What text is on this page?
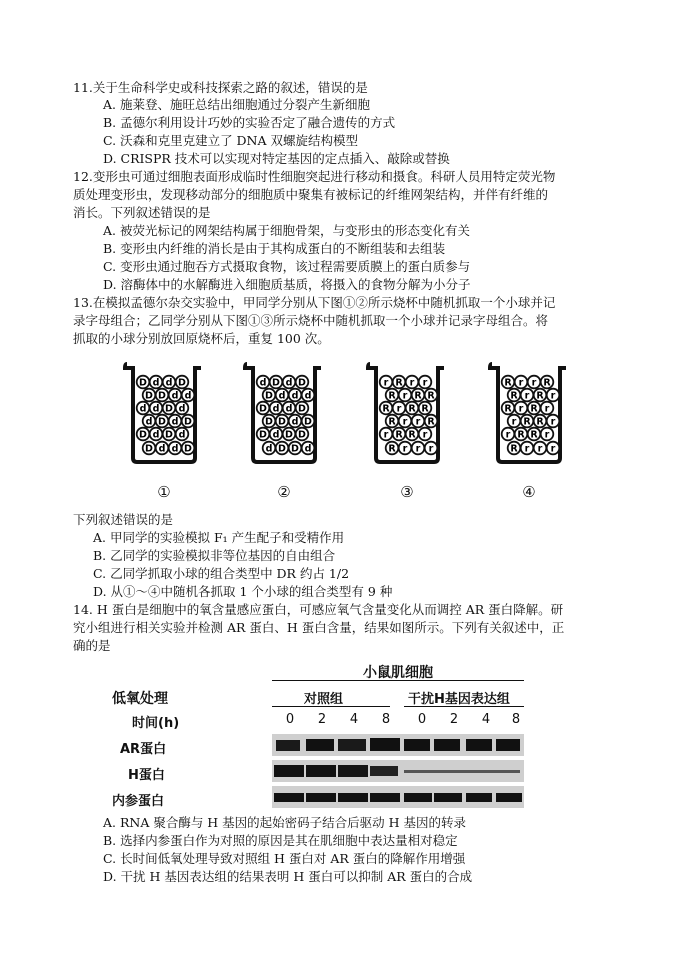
11.关于生命科学史或科技探索之路的叙述，错误的是
A. 施莱登、施旺总结出细胞通过分裂产生新细胞
B. 孟德尔利用设计巧妙的实验否定了融合遗传的方式
C. 沃森和克里克建立了 DNA 双螺旋结构模型
D. CRISPR 技术可以实现对特定基因的定点插入、敲除或替换
12.变形虫可通过细胞表面形成临时性细胞突起进行移动和摄食。科研人员用特定荧光物
质处理变形虫，发现移动部分的细胞质中聚集有被标记的纤维网架结构，并伴有纤维的
消长。下列叙述错误的是
A. 被荧光标记的网架结构属于细胞骨架，与变形虫的形态变化有关
B. 变形虫内纤维的消长是由于其构成蛋白的不断组装和去组装
C. 变形虫通过胞吞方式摄取食物，该过程需要质膜上的蛋白质参与
D. 溶酶体中的水解酶进入细胞质基质，将摄入的食物分解为小分子
13.在模拟孟德尔杂交实验中，甲同学分别从下图①②所示烧杯中随机抓取一个小球并记
录字母组合；乙同学分别从下图①③所示烧杯中随机抓取一个小球并记录字母组合。将
抓取的小球分别放回原烧杯后，重复 100 次。
D d d D
D D d d
d d D d
d D d D
D d D d
D d d D
①
d D d D
D d d d
D d d D
D D d D
D d D D
d D D d
②
r R r r
R r R R
R r R R
R r r R
r R R r
R r r r
③
R r r R
R r R r
R r R r
r R R r
r R R r
R r r r
④
下列叙述错误的是
A. 甲同学的实验模拟 F₁ 产生配子和受精作用
B. 乙同学的实验模拟非等位基因的自由组合
C. 乙同学抓取小球的组合类型中 DR 约占 1/2
D. 从①～④中随机各抓取 1 个小球的组合类型有 9 种
14. H 蛋白是细胞中的氧含量感应蛋白，可感应氧气含量变化从而调控 AR 蛋白降解。研
究小组进行相关实验并检测 AR 蛋白、H 蛋白含量，结果如图所示。下列有关叙述中，正
确的是
小鼠肌细胞
低氧处理	对照组	干扰H基因表达组
时间(h)	0 2 4 8 0 2 4 8
AR蛋白
H蛋白
内参蛋白
A. RNA 聚合酶与 H 基因的起始密码子结合后驱动 H 基因的转录
B. 选择内参蛋白作为对照的原因是其在肌细胞中表达量相对稳定
C. 长时间低氧处理导致对照组 H 蛋白对 AR 蛋白的降解作用增强
D. 干扰 H 基因表达组的结果表明 H 蛋白可以抑制 AR 蛋白的合成
